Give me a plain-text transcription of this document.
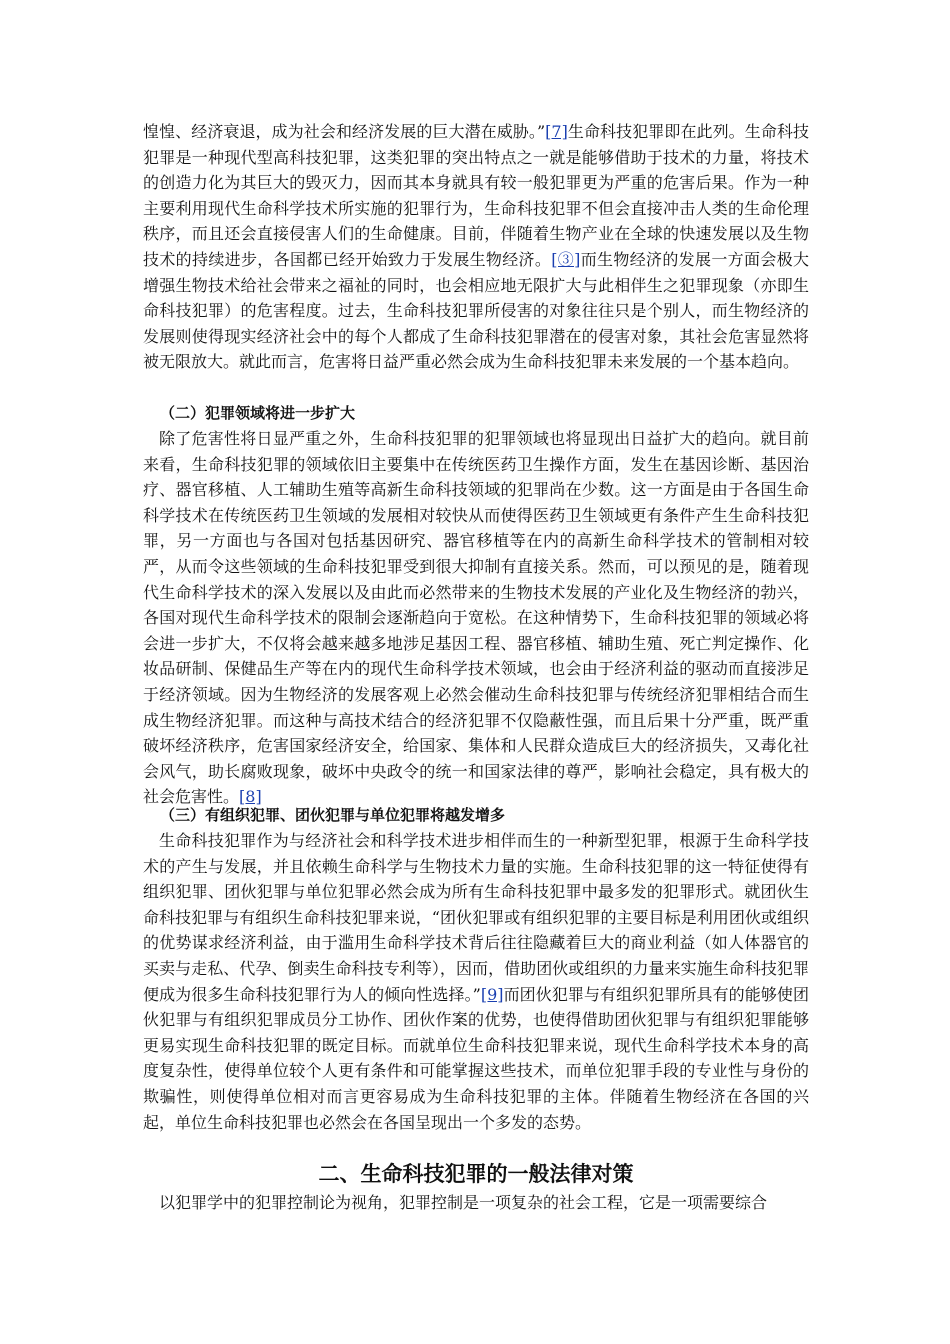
惶惶、经济衰退，成为社会和经济发展的巨大潜在威胁。”[7]生命科技犯罪即在此列。生命科技犯罪是一种现代型高科技犯罪，这类犯罪的突出特点之一就是能够借助于技术的力量，将技术的创造力化为其巨大的毁灭力，因而其本身就具有较一般犯罪更为严重的危害后果。作为一种主要利用现代生命科学技术所实施的犯罪行为，生命科技犯罪不但会直接冲击人类的生命伦理秩序，而且还会直接侵害人们的生命健康。目前，伴随着生物产业在全球的快速发展以及生物技术的持续进步，各国都已经开始致力于发展生物经济。[③]而生物经济的发展一方面会极大增强生物技术给社会带来之福祉的同时，也会相应地无限扩大与此相伴生之犯罪现象（亦即生命科技犯罪）的危害程度。过去，生命科技犯罪所侵害的对象往往只是个别人，而生物经济的发展则使得现实经济社会中的每个人都成了生命科技犯罪潜在的侵害对象，其社会危害显然将被无限放大。就此而言，危害将日益严重必然会成为生命科技犯罪未来发展的一个基本趋向。

（二）犯罪领域将进一步扩大

除了危害性将日显严重之外，生命科技犯罪的犯罪领域也将显现出日益扩大的趋向。就目前来看，生命科技犯罪的领域依旧主要集中在传统医药卫生操作方面，发生在基因诊断、基因治疗、器官移植、人工辅助生殖等高新生命科技领域的犯罪尚在少数。这一方面是由于各国生命科学技术在传统医药卫生领域的发展相对较快从而使得医药卫生领域更有条件产生生命科技犯罪，另一方面也与各国对包括基因研究、器官移植等在内的高新生命科学技术的管制相对较严，从而令这些领域的生命科技犯罪受到很大抑制有直接关系。然而，可以预见的是，随着现代生命科学技术的深入发展以及由此而必然带来的生物技术发展的产业化及生物经济的勃兴，各国对现代生命科学技术的限制会逐渐趋向于宽松。在这种情势下，生命科技犯罪的领域必将会进一步扩大，不仅将会越来越多地涉足基因工程、器官移植、辅助生殖、死亡判定操作、化妆品研制、保健品生产等在内的现代生命科学技术领域，也会由于经济利益的驱动而直接涉足于经济领域。因为生物经济的发展客观上必然会催动生命科技犯罪与传统经济犯罪相结合而生成生物经济犯罪。而这种与高技术结合的经济犯罪不仅隐蔽性强，而且后果十分严重，既严重破坏经济秩序，危害国家经济安全，给国家、集体和人民群众造成巨大的经济损失，又毒化社会风气，助长腐败现象，破坏中央政令的统一和国家法律的尊严，影响社会稳定，具有极大的社会危害性。[8]

（三）有组织犯罪、团伙犯罪与单位犯罪将越发增多

生命科技犯罪作为与经济社会和科学技术进步相伴而生的一种新型犯罪，根源于生命科学技术的产生与发展，并且依赖生命科学与生物技术力量的实施。生命科技犯罪的这一特征使得有组织犯罪、团伙犯罪与单位犯罪必然会成为所有生命科技犯罪中最多发的犯罪形式。就团伙生命科技犯罪与有组织生命科技犯罪来说，“团伙犯罪或有组织犯罪的主要目标是利用团伙或组织的优势谋求经济利益，由于滥用生命科学技术背后往往隐藏着巨大的商业利益（如人体器官的买卖与走私、代孕、倒卖生命科技专利等），因而，借助团伙或组织的力量来实施生命科技犯罪便成为很多生命科技犯罪行为人的倾向性选择。”[9]而团伙犯罪与有组织犯罪所具有的能够使团伙犯罪与有组织犯罪成员分工协作、团伙作案的优势，也使得借助团伙犯罪与有组织犯罪能够更易实现生命科技犯罪的既定目标。而就单位生命科技犯罪来说，现代生命科学技术本身的高度复杂性，使得单位较个人更有条件和可能掌握这些技术，而单位犯罪手段的专业性与身份的欺骗性，则使得单位相对而言更容易成为生命科技犯罪的主体。伴随着生物经济在各国的兴起，单位生命科技犯罪也必然会在各国呈现出一个多发的态势。

二、生命科技犯罪的一般法律对策

以犯罪学中的犯罪控制论为视角，犯罪控制是一项复杂的社会工程，它是一项需要综合
